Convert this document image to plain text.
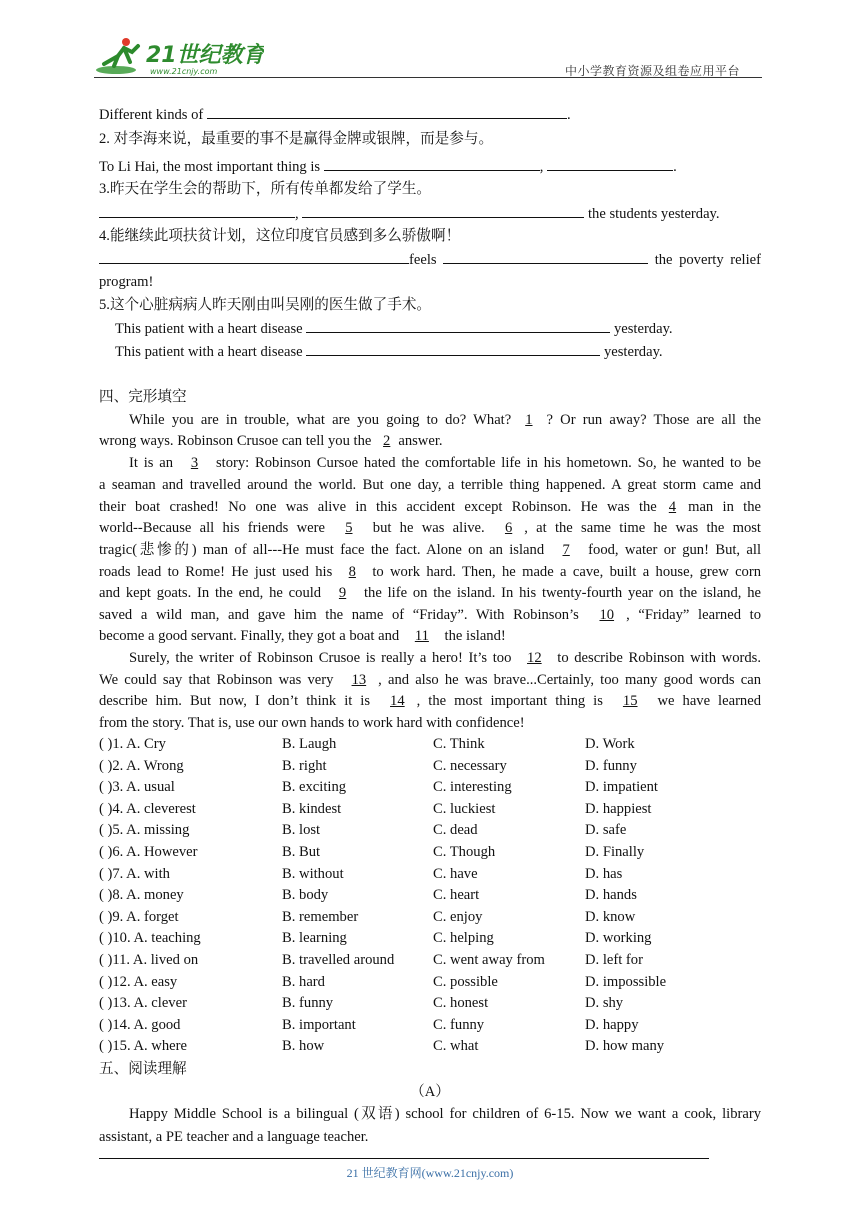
21世纪教育
www.21cnjy.com	中小学教育资源及组卷应用平台
Different kinds of	.
2. 对李海来说，最重要的事不是赢得金牌或银牌，而是参与。
To Li Hai, the most important thing is	,	.
3.昨天在学生会的帮助下，所有传单都发给了学生。
,	the students yesterday.
4.能继续此项扶贫计划，这位印度官员感到多么骄傲啊！
feels	the poverty relief
program!
5.这个心脏病病人昨天刚由叫吴刚的医生做了手术。
This patient with a heart disease	yesterday.
This patient with a heart disease	yesterday.
四、完形填空
While you are in trouble, what are you going to do? What? 1 ? Or run away? Those are all the
wrong ways. Robinson Crusoe can tell you the 2 answer.
It is an 3 story: Robinson Cursoe hated the comfortable life in his hometown. So, he wanted to be
a seaman and travelled around the world. But one day, a terrible thing happened. A great storm came and
their boat crashed! No one was alive in this accident except Robinson. He was the 4 man in the
world--Because all his friends were 5 but he was alive. 6 , at the same time he was the most
tragic(悲惨的) man of all---He must face the fact. Alone on an island 7 food, water or gun! But, all
roads lead to Rome! He just used his 8 to work hard. Then, he made a cave, built a house, grew corn
and kept goats. In the end, he could 9 the life on the island. In his twenty-fourth year on the island, he
saved a wild man, and gave him the name of “Friday”. With Robinson’s 10 , “Friday” learned to
become a good servant. Finally, they got a boat and 11 the island!
Surely, the writer of Robinson Crusoe is really a hero! It’s too 12 to describe Robinson with words.
We could say that Robinson was very 13 , and also he was brave...Certainly, too many good words can
describe him. But now, I don’t think it is 14 , the most important thing is 15 we have learned
from the story. That is, use our own hands to work hard with confidence!
( )1. A. Cry	B. Laugh	C. Think	D. Work
( )2. A. Wrong	B. right	C. necessary	D. funny
( )3. A. usual	B. exciting	C. interesting	D. impatient
( )4. A. cleverest	B. kindest	C. luckiest	D. happiest
( )5. A. missing	B. lost	C. dead	D. safe
( )6. A. However	B. But	C. Though	D. Finally
( )7. A. with	B. without	C. have	D. has
( )8. A. money	B. body	C. heart	D. hands
( )9. A. forget	B. remember	C. enjoy	D. know
( )10. A. teaching	B. learning	C. helping	D. working
( )11. A. lived on	B. travelled around	C. went away from	D. left for
( )12. A. easy	B. hard	C. possible	D. impossible
( )13. A. clever	B. funny	C. honest	D. shy
( )14. A. good	B. important	C. funny	D. happy
( )15. A. where	B. how	C. what	D. how many
五、阅读理解
（A）
Happy Middle School is a bilingual (双语) school for children of 6-15. Now we want a cook, library
assistant, a PE teacher and a language teacher.
21 世纪教育网(www.21cnjy.com)
